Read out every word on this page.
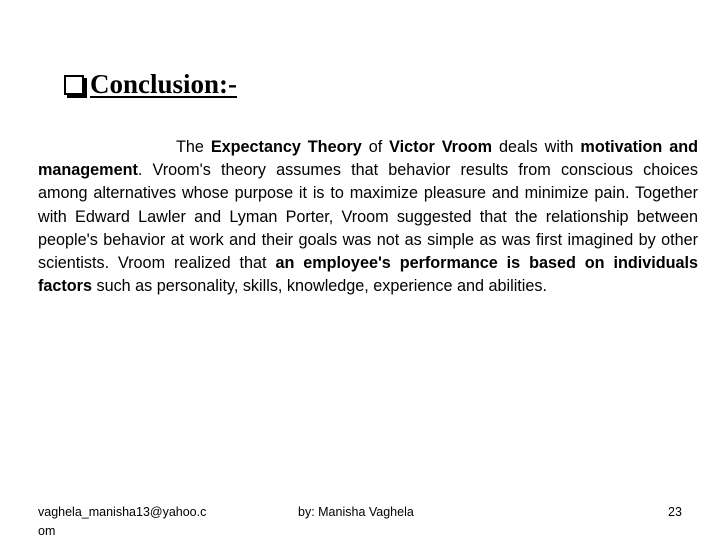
Conclusion:-
The Expectancy Theory of Victor Vroom deals with motivation and management. Vroom's theory assumes that behavior results from conscious choices among alternatives whose purpose it is to maximize pleasure and minimize pain. Together with Edward Lawler and Lyman Porter, Vroom suggested that the relationship between people's behavior at work and their goals was not as simple as was first imagined by other scientists. Vroom realized that an employee's performance is based on individuals factors such as personality, skills, knowledge, experience and abilities.
vaghela_manisha13@yahoo.com
by: Manisha Vaghela	23
